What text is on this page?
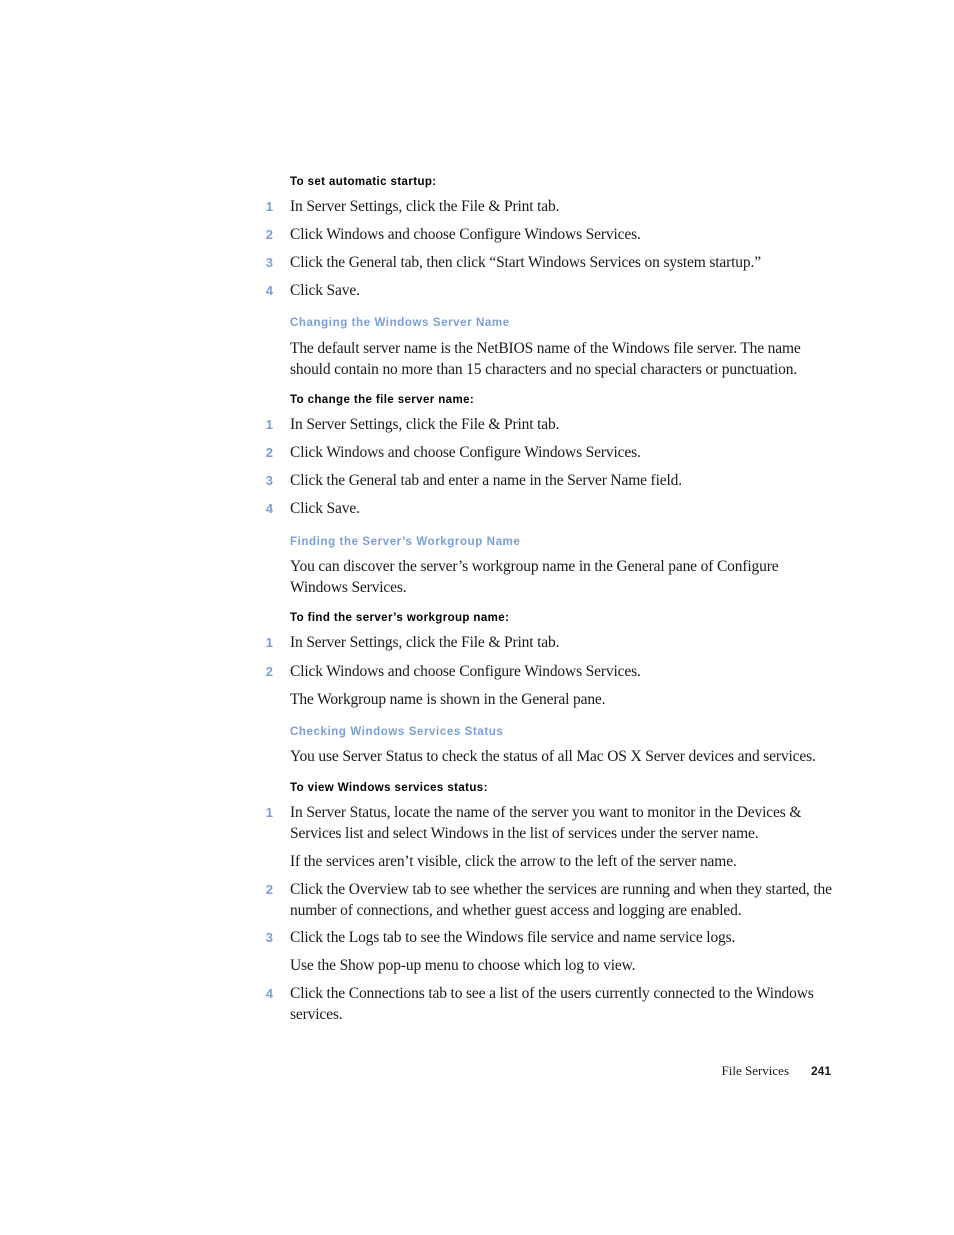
To set automatic startup:

1 In Server Settings, click the File & Print tab.

2 Click Windows and choose Configure Windows Services.

3 Click the General tab, then click “Start Windows Services on system startup.”

4 Click Save.

Changing the Windows Server Name

The default server name is the NetBIOS name of the Windows file server. The name should contain no more than 15 characters and no special characters or punctuation.

To change the file server name:

1 In Server Settings, click the File & Print tab.

2 Click Windows and choose Configure Windows Services.

3 Click the General tab and enter a name in the Server Name field.

4 Click Save.

Finding the Server’s Workgroup Name

You can discover the server’s workgroup name in the General pane of Configure Windows Services.

To find the server’s workgroup name:

1 In Server Settings, click the File & Print tab.

2 Click Windows and choose Configure Windows Services.

The Workgroup name is shown in the General pane.

Checking Windows Services Status

You use Server Status to check the status of all Mac OS X Server devices and services.

To view Windows services status:

1 In Server Status, locate the name of the server you want to monitor in the Devices & Services list and select Windows in the list of services under the server name.

If the services aren’t visible, click the arrow to the left of the server name.

2 Click the Overview tab to see whether the services are running and when they started, the number of connections, and whether guest access and logging are enabled.

3 Click the Logs tab to see the Windows file service and name service logs.

Use the Show pop-up menu to choose which log to view.

4 Click the Connections tab to see a list of the users currently connected to the Windows services.

File Services	241
